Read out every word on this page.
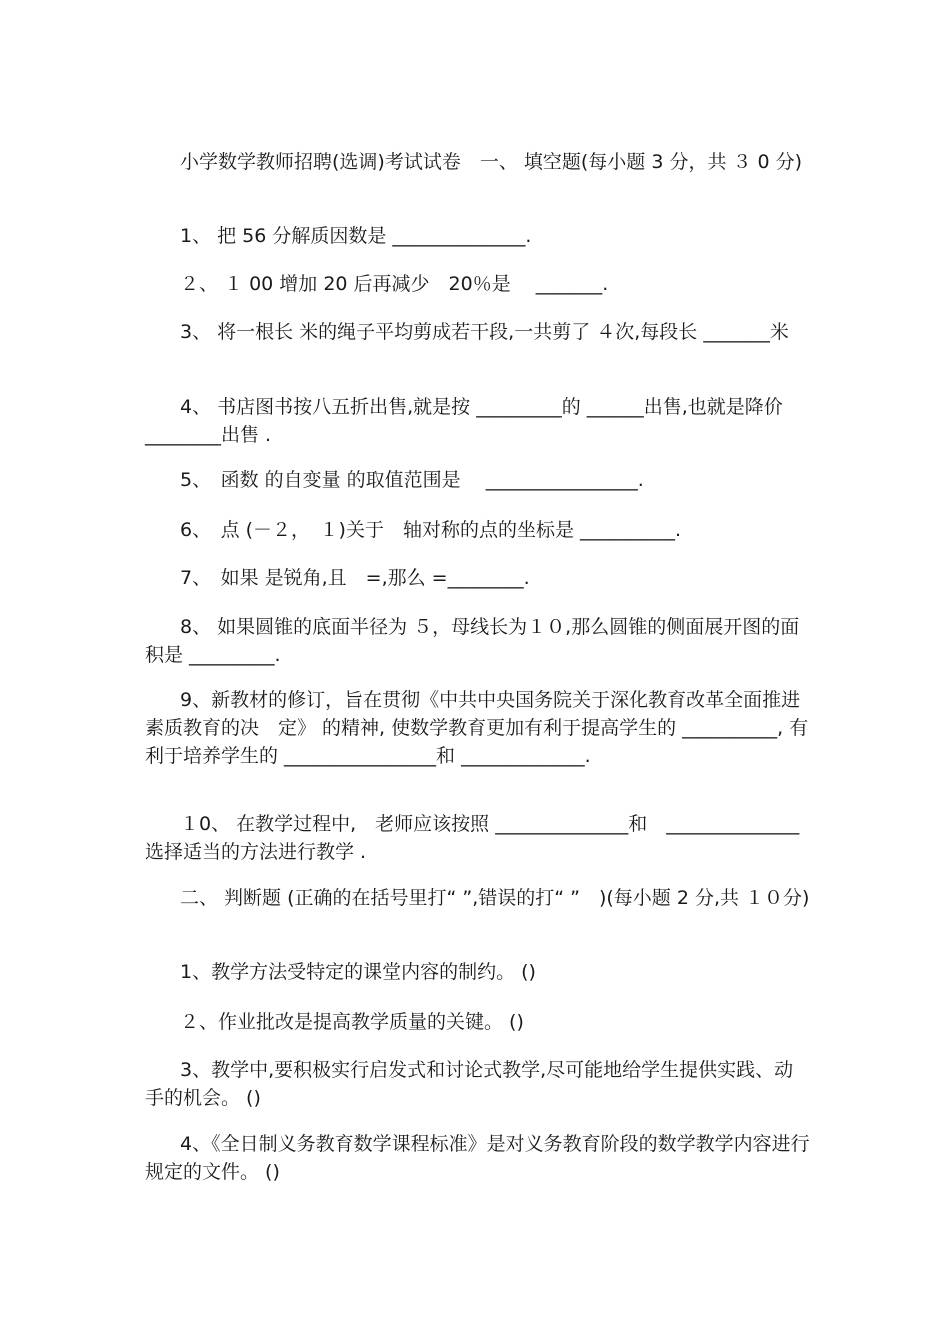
小学数学教师招聘(选调)考试试卷　一、 填空题(每小题 3 分，共 ３ 0 分)
1、 把 56 分解质因数是 ______________.
２、 １ 00 增加 20 后再减少　20％是　 _______.
3、 将一根长 米的绳子平均剪成若干段,一共剪了 ４次,每段长 _______米
4、 书店图书按八五折出售,就是按 _________的 ______出售,也就是降价　________出售 .
5、　函数 的自变量 的取值范围是　 ________________.
6、　点 (－２，　１)关于　轴对称的点的坐标是 __________.
7、　如果 是锐角,且　=,那么 =________.
8、 如果圆锥的底面半径为 ５，母线长为１０,那么圆锥的侧面展开图的面积是 _________.
9、新教材的修订，旨在贯彻《中共中央国务院关于深化教育改革全面推进素质教育的决　定》 的精神, 使数学教育更加有利于提高学生的 __________, 有利于培养学生的 ________________和 _____________.
１0、 在教学过程中,　老师应该按照 ______________和　______________选择适当的方法进行教学 .
二、 判断题 (正确的在括号里打“ ”,错误的打“ ”　)(每小题 2 分,共 １０分)
1、教学方法受特定的课堂内容的制约。 ()
２、作业批改是提高教学质量的关键。 ()
3、教学中,要积极实行启发式和讨论式教学,尽可能地给学生提供实践、动手的机会。 ()
4、《全日制义务教育数学课程标准》是对义务教育阶段的数学教学内容进行规定的文件。 ()
